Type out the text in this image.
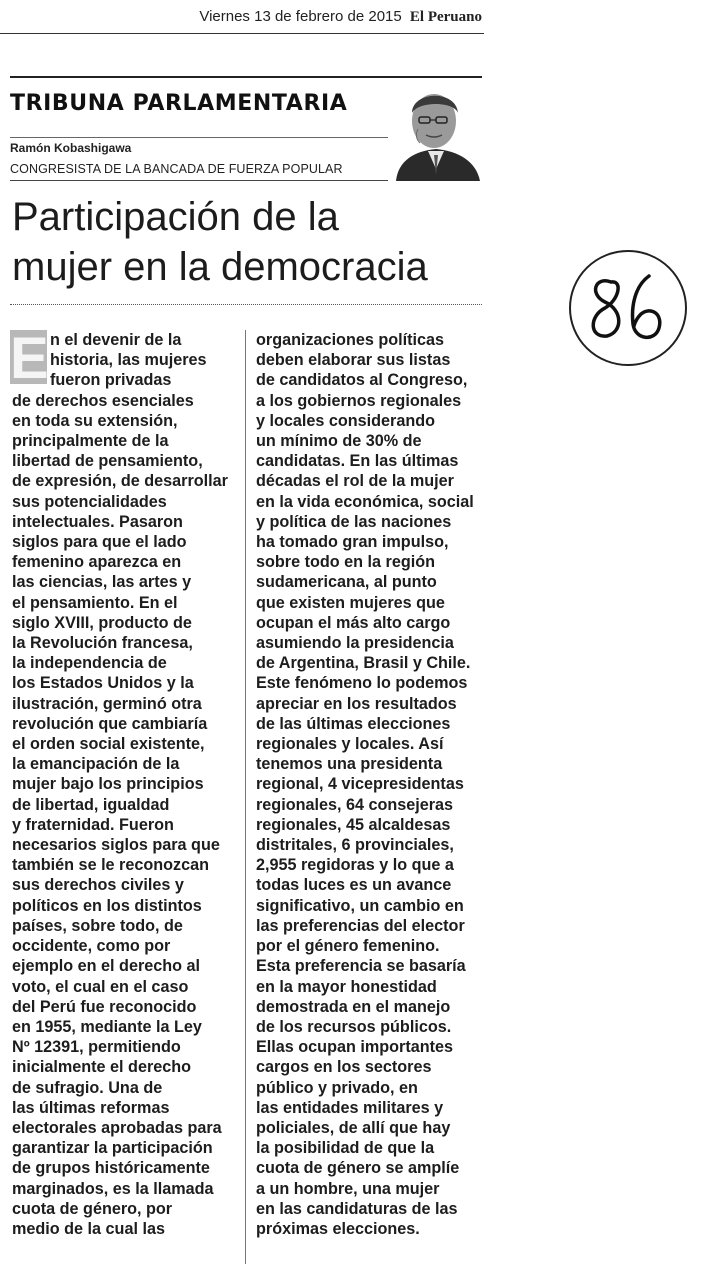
Viernes 13 de febrero de 2015 El Peruano
TRIBUNA PARLAMENTARIA
Ramón Kobashigawa
CONGRESISTA DE LA BANCADA DE FUERZA POPULAR
Participación de la
mujer en la democracia
E n el devenir de la
historia, las mujeres
fueron privadas
de derechos esenciales
en toda su extensión,
principalmente de la
libertad de pensamiento,
de expresión, de desarrollar
sus potencialidades
intelectuales. Pasaron
siglos para que el lado
femenino aparezca en
las ciencias, las artes y
el pensamiento. En el
siglo XVIII, producto de
la Revolución francesa,
la independencia de
los Estados Unidos y la
ilustración, germinó otra
revolución que cambiaría
el orden social existente,
la emancipación de la
mujer bajo los principios
de libertad, igualdad
y fraternidad. Fueron
necesarios siglos para que
también se le reconozcan
sus derechos civiles y
políticos en los distintos
países, sobre todo, de
occidente, como por
ejemplo en el derecho al
voto, el cual en el caso
del Perú fue reconocido
en 1955, mediante la Ley
Nº 12391, permitiendo
inicialmente el derecho
de sufragio. Una de
las últimas reformas
electorales aprobadas para
garantizar la participación
de grupos históricamente
marginados, es la llamada
cuota de género, por
medio de la cual las
organizaciones políticas
deben elaborar sus listas
de candidatos al Congreso,
a los gobiernos regionales
y locales considerando
un mínimo de 30% de
candidatas. En las últimas
décadas el rol de la mujer
en la vida económica, social
y política de las naciones
ha tomado gran impulso,
sobre todo en la región
sudamericana, al punto
que existen mujeres que
ocupan el más alto cargo
asumiendo la presidencia
de Argentina, Brasil y Chile.
Este fenómeno lo podemos
apreciar en los resultados
de las últimas elecciones
regionales y locales. Así
tenemos una presidenta
regional, 4 vicepresidentas
regionales, 64 consejeras
regionales, 45 alcaldesas
distritales, 6 provinciales,
2,955 regidoras y lo que a
todas luces es un avance
significativo, un cambio en
las preferencias del elector
por el género femenino.
Esta preferencia se basaría
en la mayor honestidad
demostrada en el manejo
de los recursos públicos.
Ellas ocupan importantes
cargos en los sectores
público y privado, en
las entidades militares y
policiales, de allí que hay
la posibilidad de que la
cuota de género se amplíe
a un hombre, una mujer
en las candidaturas de las
próximas elecciones.
